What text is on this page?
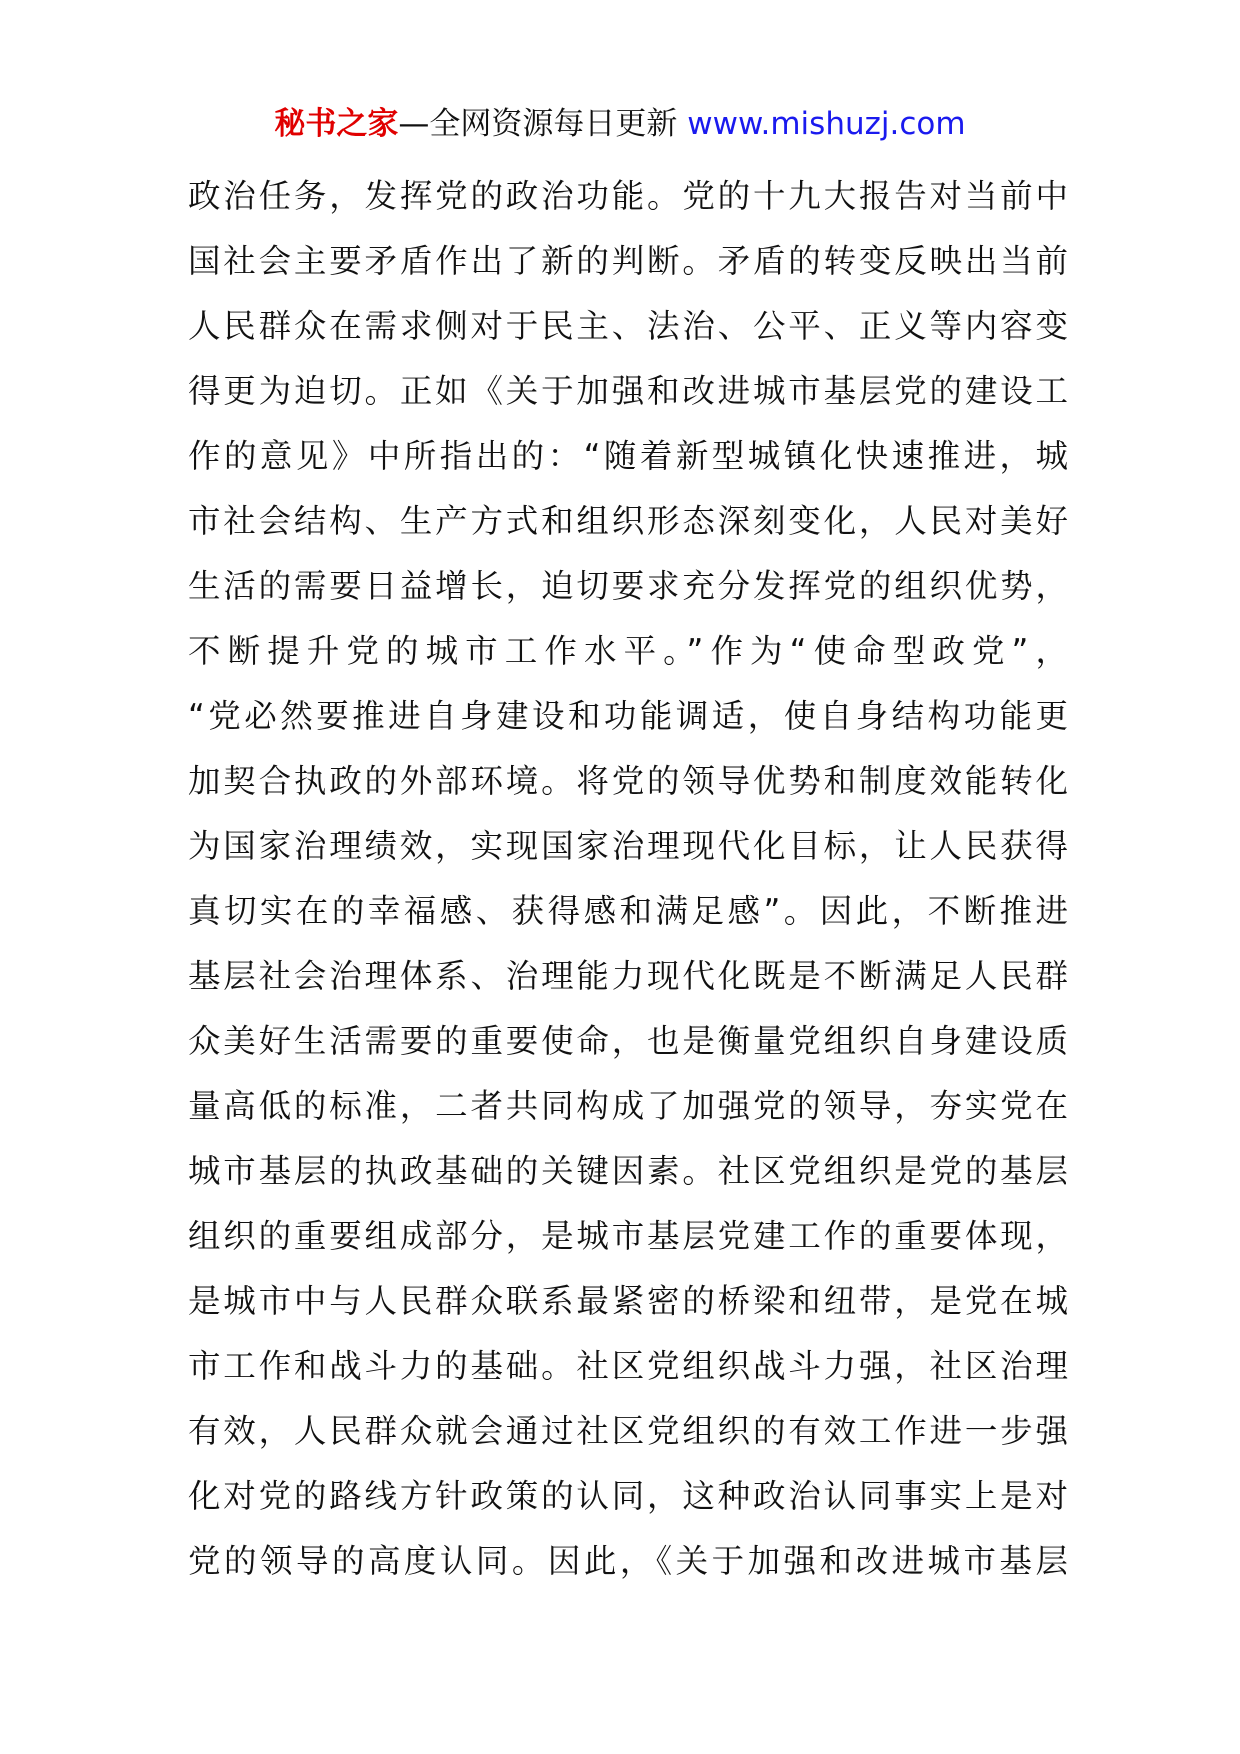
秘书之家—全网资源每日更新 www.mishuzj.com
政治任务，发挥党的政治功能。党的十九大报告对当前中
国社会主要矛盾作出了新的判断。矛盾的转变反映出当前
人民群众在需求侧对于民主、法治、公平、正义等内容变
得更为迫切。正如《关于加强和改进城市基层党的建设工
作的意见》中所指出的：“随着新型城镇化快速推进，城
市社会结构、生产方式和组织形态深刻变化，人民对美好
生活的需要日益增长，迫切要求充分发挥党的组织优势，
不断提升党的城市工作水平。”作为“使命型政党”，
“党必然要推进自身建设和功能调适，使自身结构功能更
加契合执政的外部环境。将党的领导优势和制度效能转化
为国家治理绩效，实现国家治理现代化目标，让人民获得
真切实在的幸福感、获得感和满足感”。因此，不断推进
基层社会治理体系、治理能力现代化既是不断满足人民群
众美好生活需要的重要使命，也是衡量党组织自身建设质
量高低的标准，二者共同构成了加强党的领导，夯实党在
城市基层的执政基础的关键因素。社区党组织是党的基层
组织的重要组成部分，是城市基层党建工作的重要体现，
是城市中与人民群众联系最紧密的桥梁和纽带，是党在城
市工作和战斗力的基础。社区党组织战斗力强，社区治理
有效，人民群众就会通过社区党组织的有效工作进一步强
化对党的路线方针政策的认同，这种政治认同事实上是对
党的领导的高度认同。因此，《关于加强和改进城市基层
